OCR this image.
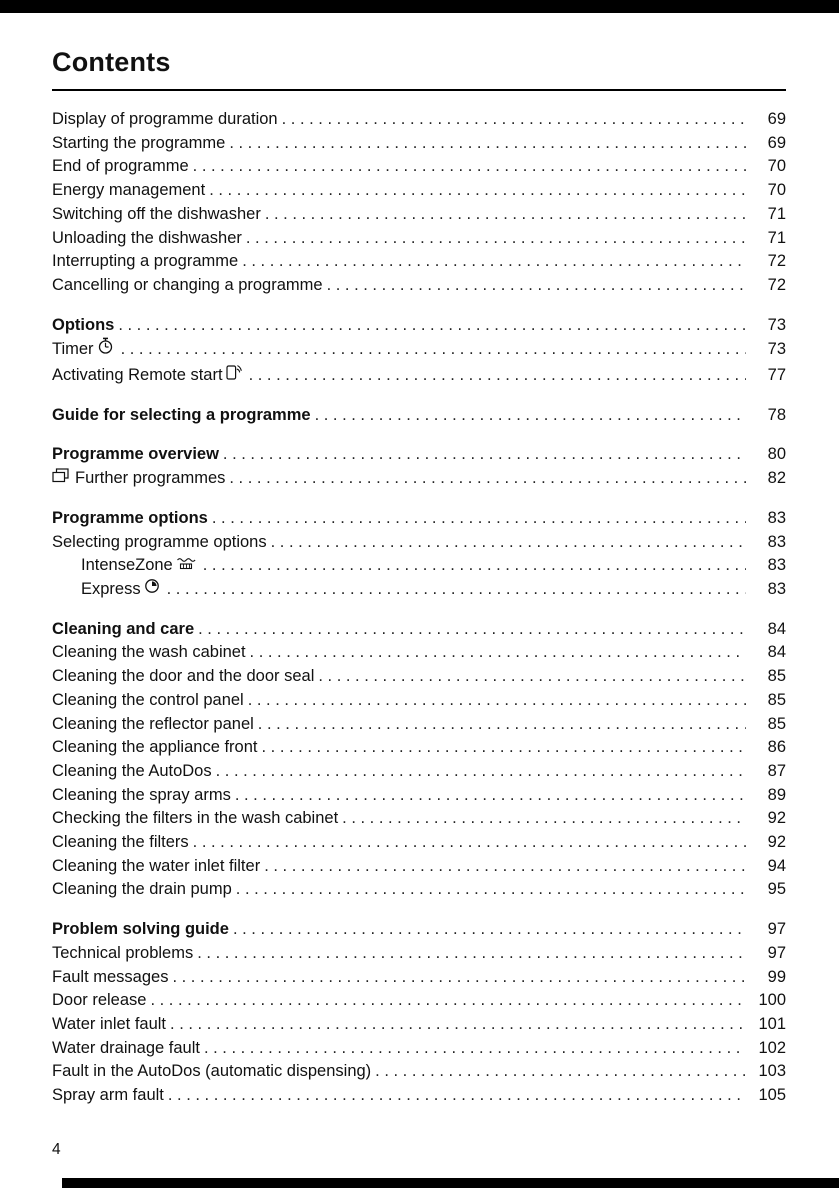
Contents
Display of programme duration . . .	69
Starting the programme . . .	69
End of programme . . .	70
Energy management . . .	70
Switching off the dishwasher . . .	71
Unloading the dishwasher . . .	71
Interrupting a programme . . .	72
Cancelling or changing a programme . . .	72
Options . . .	73
Timer . . .	73
Activating Remote start . . .	77
Guide for selecting a programme . . .	78
Programme overview . . .	80
Further programmes . . .	82
Programme options . . .	83
Selecting programme options . . .	83
IntenseZone . . .	83
Express . . .	83
Cleaning and care . . .	84
Cleaning the wash cabinet . . .	84
Cleaning the door and the door seal . . .	85
Cleaning the control panel . . .	85
Cleaning the reflector panel . . .	85
Cleaning the appliance front . . .	86
Cleaning the AutoDos . . .	87
Cleaning the spray arms . . .	89
Checking the filters in the wash cabinet . . .	92
Cleaning the filters . . .	92
Cleaning the water inlet filter . . .	94
Cleaning the drain pump . . .	95
Problem solving guide . . .	97
Technical problems . . .	97
Fault messages . . .	99
Door release . . .	100
Water inlet fault . . .	101
Water drainage fault . . .	102
Fault in the AutoDos (automatic dispensing) . . .	103
Spray arm fault . . .	105
4
